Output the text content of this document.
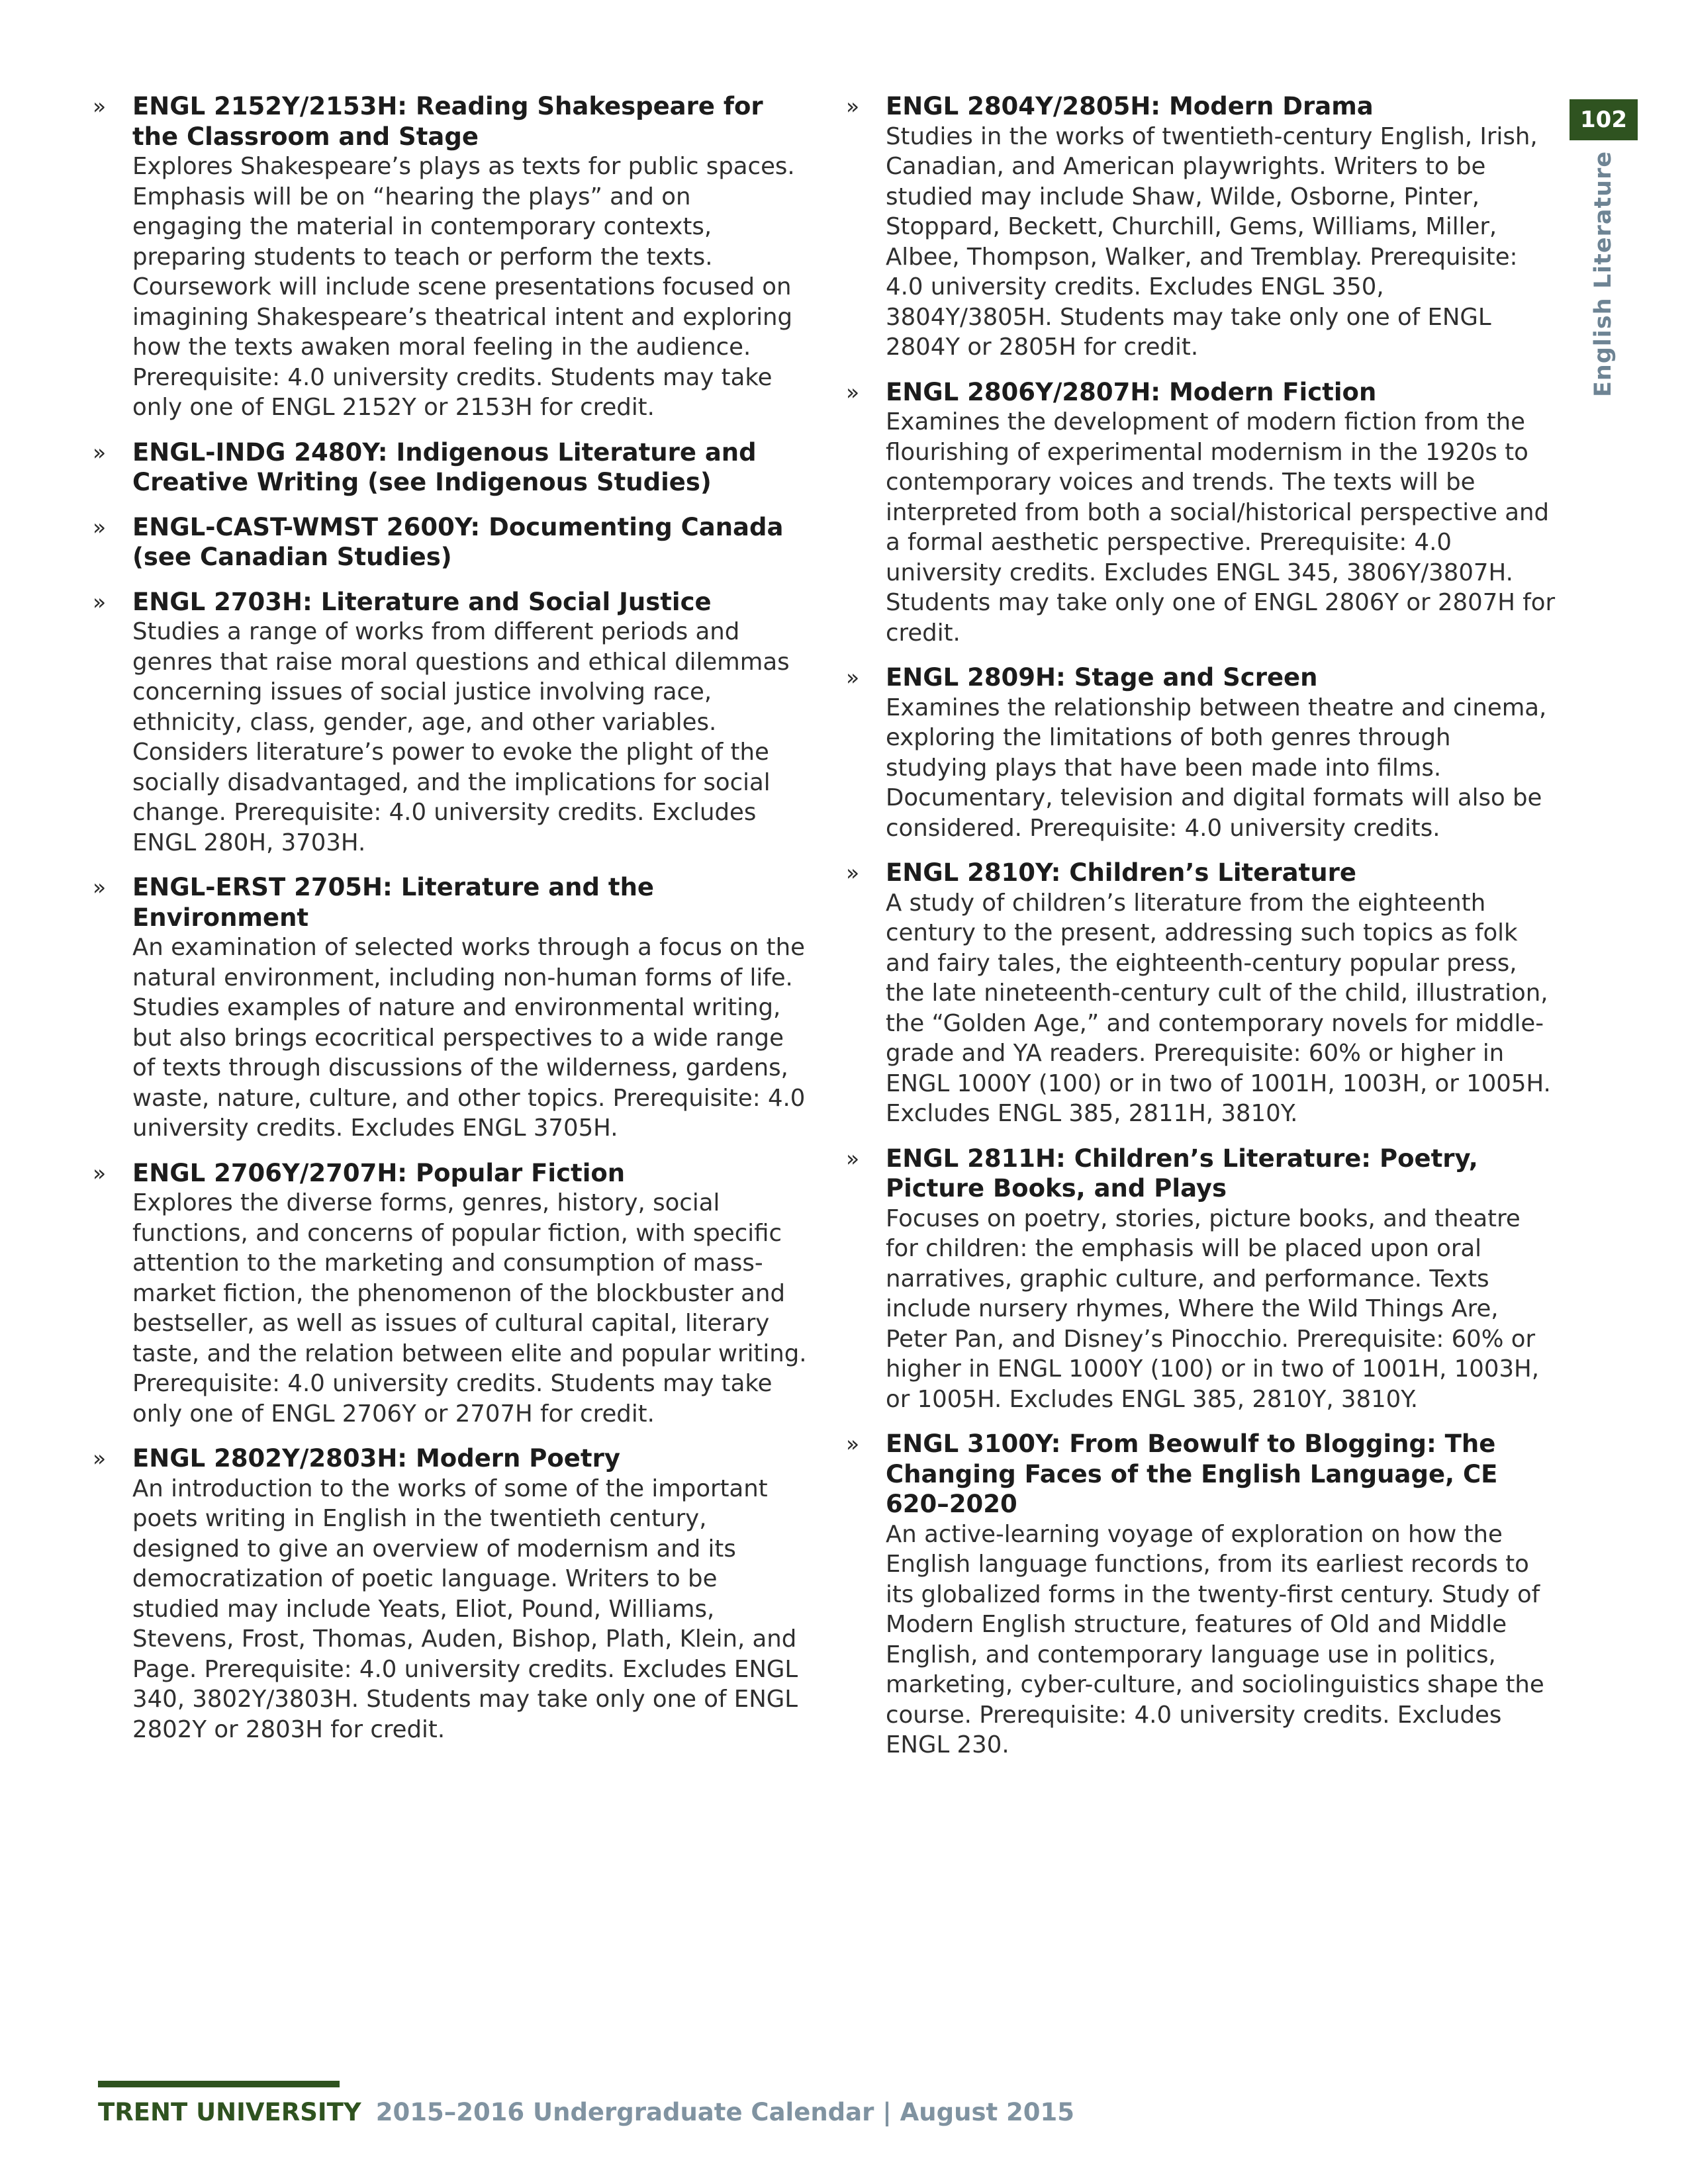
102
English Literature
» ENGL 2152Y/2153H: Reading Shakespeare for the Classroom and Stage
Explores Shakespeare’s plays as texts for public spaces. Emphasis will be on “hearing the plays” and on engaging the material in contemporary contexts, preparing students to teach or perform the texts. Coursework will include scene presentations focused on imagining Shakespeare’s theatrical intent and exploring how the texts awaken moral feeling in the audience. Prerequisite: 4.0 university credits. Students may take only one of ENGL 2152Y or 2153H for credit.
» ENGL-INDG 2480Y: Indigenous Literature and Creative Writing (see Indigenous Studies)
» ENGL-CAST-WMST 2600Y: Documenting Canada (see Canadian Studies)
» ENGL 2703H: Literature and Social Justice
Studies a range of works from different periods and genres that raise moral questions and ethical dilemmas concerning issues of social justice involving race, ethnicity, class, gender, age, and other variables. Considers literature’s power to evoke the plight of the socially disadvantaged, and the implications for social change. Prerequisite: 4.0 university credits. Excludes ENGL 280H, 3703H.
» ENGL-ERST 2705H: Literature and the Environment
An examination of selected works through a focus on the natural environment, including non-human forms of life. Studies examples of nature and environmental writing, but also brings ecocritical perspectives to a wide range of texts through discussions of the wilderness, gardens, waste, nature, culture, and other topics. Prerequisite: 4.0 university credits. Excludes ENGL 3705H.
» ENGL 2706Y/2707H: Popular Fiction
Explores the diverse forms, genres, history, social functions, and concerns of popular fiction, with specific attention to the marketing and consumption of mass-market fiction, the phenomenon of the blockbuster and bestseller, as well as issues of cultural capital, literary taste, and the relation between elite and popular writing. Prerequisite: 4.0 university credits. Students may take only one of ENGL 2706Y or 2707H for credit.
» ENGL 2802Y/2803H: Modern Poetry
An introduction to the works of some of the important poets writing in English in the twentieth century, designed to give an overview of modernism and its democratization of poetic language. Writers to be studied may include Yeats, Eliot, Pound, Williams, Stevens, Frost, Thomas, Auden, Bishop, Plath, Klein, and Page. Prerequisite: 4.0 university credits. Excludes ENGL 340, 3802Y/3803H. Students may take only one of ENGL 2802Y or 2803H for credit.
» ENGL 2804Y/2805H: Modern Drama
Studies in the works of twentieth-century English, Irish, Canadian, and American playwrights. Writers to be studied may include Shaw, Wilde, Osborne, Pinter, Stoppard, Beckett, Churchill, Gems, Williams, Miller, Albee, Thompson, Walker, and Tremblay. Prerequisite: 4.0 university credits. Excludes ENGL 350, 3804Y/3805H. Students may take only one of ENGL 2804Y or 2805H for credit.
» ENGL 2806Y/2807H: Modern Fiction
Examines the development of modern fiction from the flourishing of experimental modernism in the 1920s to contemporary voices and trends. The texts will be interpreted from both a social/historical perspective and a formal aesthetic perspective. Prerequisite: 4.0 university credits. Excludes ENGL 345, 3806Y/3807H. Students may take only one of ENGL 2806Y or 2807H for credit.
» ENGL 2809H: Stage and Screen
Examines the relationship between theatre and cinema, exploring the limitations of both genres through studying plays that have been made into films. Documentary, television and digital formats will also be considered. Prerequisite: 4.0 university credits.
» ENGL 2810Y: Children’s Literature
A study of children’s literature from the eighteenth century to the present, addressing such topics as folk and fairy tales, the eighteenth-century popular press, the late nineteenth-century cult of the child, illustration, the “Golden Age,” and contemporary novels for middle-grade and YA readers. Prerequisite: 60% or higher in ENGL 1000Y (100) or in two of 1001H, 1003H, or 1005H. Excludes ENGL 385, 2811H, 3810Y.
» ENGL 2811H: Children’s Literature: Poetry, Picture Books, and Plays
Focuses on poetry, stories, picture books, and theatre for children: the emphasis will be placed upon oral narratives, graphic culture, and performance. Texts include nursery rhymes, Where the Wild Things Are, Peter Pan, and Disney’s Pinocchio. Prerequisite: 60% or higher in ENGL 1000Y (100) or in two of 1001H, 1003H, or 1005H. Excludes ENGL 385, 2810Y, 3810Y.
» ENGL 3100Y: From Beowulf to Blogging: The Changing Faces of the English Language, CE 620–2020
An active-learning voyage of exploration on how the English language functions, from its earliest records to its globalized forms in the twenty-first century. Study of Modern English structure, features of Old and Middle English, and contemporary language use in politics, marketing, cyber-culture, and sociolinguistics shape the course. Prerequisite: 4.0 university credits. Excludes ENGL 230.
TRENT UNIVERSITY 2015–2016 Undergraduate Calendar | August 2015
